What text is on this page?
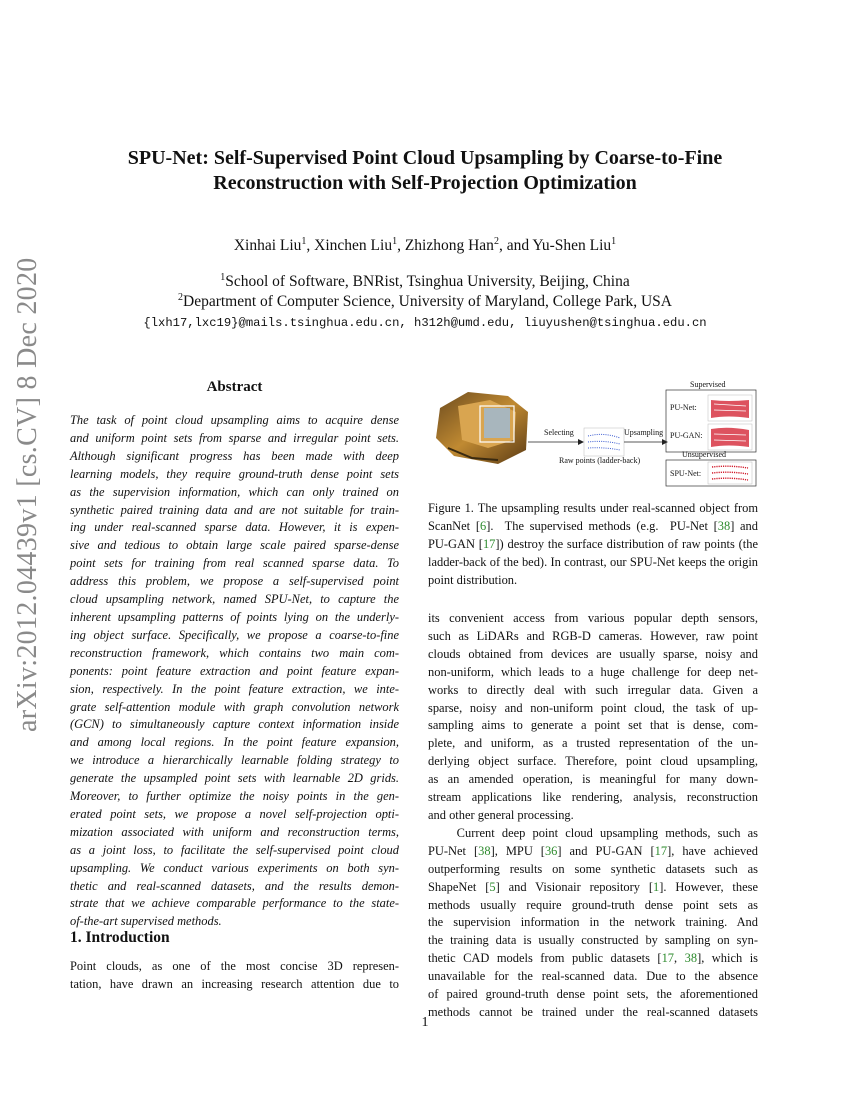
arXiv:2012.04439v1 [cs.CV] 8 Dec 2020
SPU-Net: Self-Supervised Point Cloud Upsampling by Coarse-to-Fine
Reconstruction with Self-Projection Optimization
Xinhai Liu$^1$, Xinchen Liu$^1$, Zhizhong Han$^2$, and Yu-Shen Liu$^1$
$^1$School of Software, BNRist, Tsinghua University, Beijing, China
$^2$Department of Computer Science, University of Maryland, College Park, USA
{lxh17,lxc19}@mails.tsinghua.edu.cn, h312h@umd.edu, liuyushen@tsinghua.edu.cn
Abstract
The task of point cloud upsampling aims to acquire dense
and uniform point sets from sparse and irregular point sets.
Although significant progress has been made with deep
learning models, they require ground-truth dense point sets
as the supervision information, which can only trained on
synthetic paired training data and are not suitable for train-
ing under real-scanned sparse data. However, it is expen-
sive and tedious to obtain large scale paired sparse-dense
point sets for training from real scanned sparse data. To
address this problem, we propose a self-supervised point
cloud upsampling network, named SPU-Net, to capture the
inherent upsampling patterns of points lying on the underly-
ing object surface. Specifically, we propose a coarse-to-fine
reconstruction framework, which contains two main com-
ponents: point feature extraction and point feature expan-
sion, respectively. In the point feature extraction, we inte-
grate self-attention module with graph convolution network
(GCN) to simultaneously capture context information inside
and among local regions. In the point feature expansion,
we introduce a hierarchically learnable folding strategy to
generate the upsampled point sets with learnable 2D grids.
Moreover, to further optimize the noisy points in the gen-
erated point sets, we propose a novel self-projection opti-
mization associated with uniform and reconstruction terms,
as a joint loss, to facilitate the self-supervised point cloud
upsampling. We conduct various experiments on both syn-
thetic and real-scanned datasets, and the results demon-
strate that we achieve comparable performance to the state-
of-the-art supervised methods.
1. Introduction
Point clouds, as one of the most concise 3D represen-
tation, have drawn an increasing research attention due to
Selecting
Raw points (ladder-back)
Upsampling
Supervised
PU-Net:
PU-GAN:
Unsupervised
SPU-Net:
Figure 1. The upsampling results under real-scanned object from
ScanNet [6].  The supervised methods (e.g.  PU-Net [38] and
PU-GAN [17]) destroy the surface distribution of raw points (the
ladder-back of the bed). In contrast, our SPU-Net keeps the origin
point distribution.
its convenient access from various popular depth sensors,
such as LiDARs and RGB-D cameras. However, raw point
clouds obtained from devices are usually sparse, noisy and
non-uniform, which leads to a huge challenge for deep net-
works to directly deal with such irregular data. Given a
sparse, noisy and non-uniform point cloud, the task of up-
sampling aims to generate a point set that is dense, com-
plete, and uniform, as a trusted representation of the un-
derlying object surface. Therefore, point cloud upsampling,
as an amended operation, is meaningful for many down-
stream applications like rendering, analysis, reconstruction
and other general processing.
Current deep point cloud upsampling methods, such as
PU-Net [38], MPU [36] and PU-GAN [17], have achieved
outperforming results on some synthetic datasets such as
ShapeNet [5] and Visionair repository [1]. However, these
methods usually require ground-truth dense point sets as
the supervision information in the network training. And
the training data is usually constructed by sampling on syn-
thetic CAD models from public datasets [17, 38], which is
unavailable for the real-scanned data. Due to the absence
of paired ground-truth dense point sets, the aforementioned
methods cannot be trained under the real-scanned datasets
1
